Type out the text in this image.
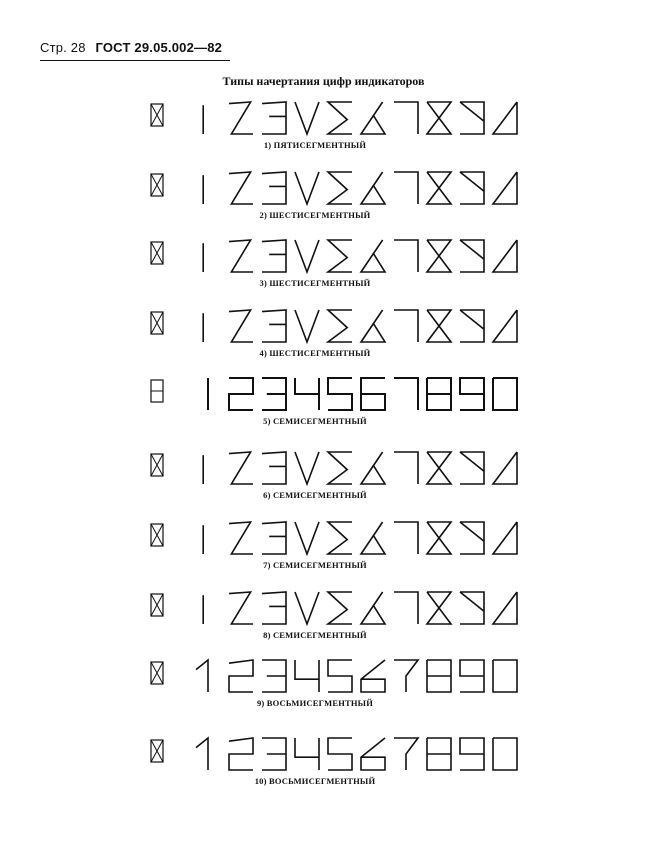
Стр. 28 ГОСТ 29.05.002—82
Типы начертания цифр индикаторов
1) ПЯТИСЕГМЕНТНЫЙ
2) ШЕСТИСЕГМЕНТНЫЙ
3) ШЕСТИСЕГМЕНТНЫЙ
4) ШЕСТИСЕГМЕНТНЫЙ
5) СЕМИСЕГМЕНТНЫЙ
6) СЕМИСЕГМЕНТНЫЙ
7) СЕМИСЕГМЕНТНЫЙ
8) СЕМИСЕГМЕНТНЫЙ
9) ВОСЬМИСЕГМЕНТНЫЙ
10) ВОСЬМИСЕГМЕНТНЫЙ
